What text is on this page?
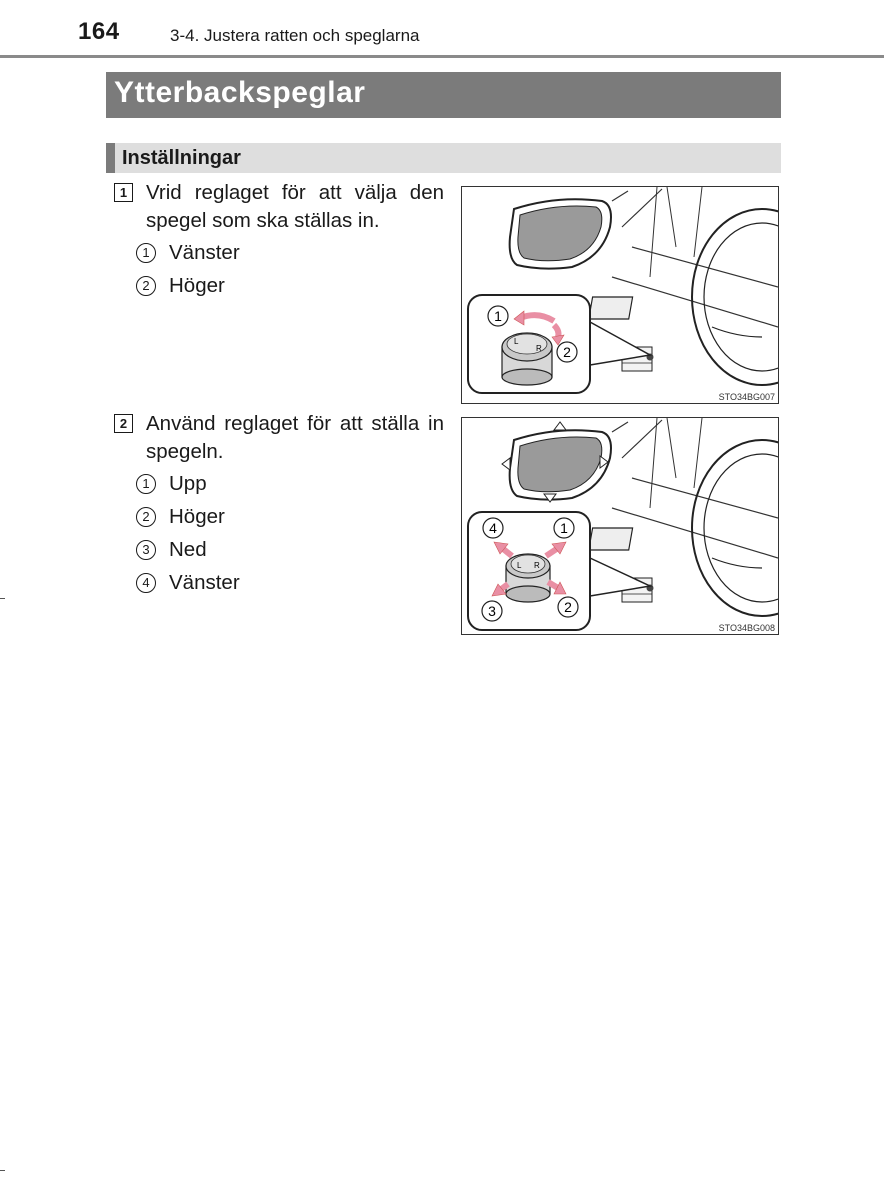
164	3-4. Justera ratten och speglarna
Ytterbackspeglar
Inställningar
1 Vrid reglaget för att välja den spegel som ska ställas in.
1 Vänster
2 Höger
L
R
1
2
STO34BG007
2 Använd reglaget för att ställa in spegeln.
1 Upp
2 Höger
3 Ned
4 Vänster
L R
1
2
3
4
STO34BG008
